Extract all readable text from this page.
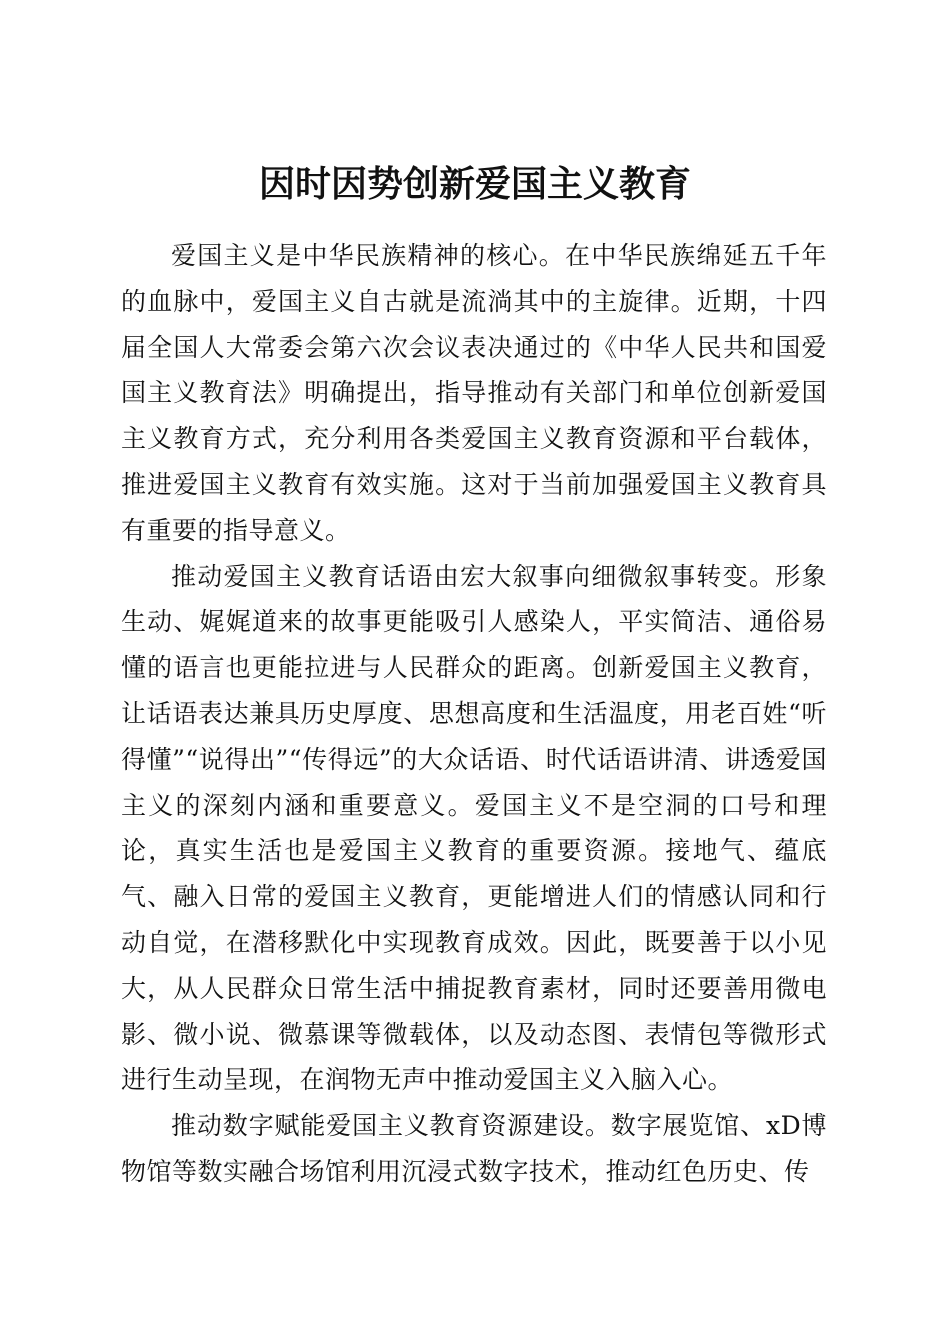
因时因势创新爱国主义教育

爱国主义是中华民族精神的核心。在中华民族绵延五千年的血脉中，爱国主义自古就是流淌其中的主旋律。近期，十四届全国人大常委会第六次会议表决通过的《中华人民共和国爱国主义教育法》明确提出，指导推动有关部门和单位创新爱国主义教育方式，充分利用各类爱国主义教育资源和平台载体，推进爱国主义教育有效实施。这对于当前加强爱国主义教育具有重要的指导意义。

推动爱国主义教育话语由宏大叙事向细微叙事转变。形象生动、娓娓道来的故事更能吸引人感染人，平实简洁、通俗易懂的语言也更能拉进与人民群众的距离。创新爱国主义教育，让话语表达兼具历史厚度、思想高度和生活温度，用老百姓“听得懂”“说得出”“传得远”的大众话语、时代话语讲清、讲透爱国主义的深刻内涵和重要意义。爱国主义不是空洞的口号和理论，真实生活也是爱国主义教育的重要资源。接地气、蕴底气、融入日常的爱国主义教育，更能增进人们的情感认同和行动自觉，在潜移默化中实现教育成效。因此，既要善于以小见大，从人民群众日常生活中捕捉教育素材，同时还要善用微电影、微小说、微慕课等微载体，以及动态图、表情包等微形式进行生动呈现，在润物无声中推动爱国主义入脑入心。

推动数字赋能爱国主义教育资源建设。数字展览馆、xD博物馆等数实融合场馆利用沉浸式数字技术，推动红色历史、传
